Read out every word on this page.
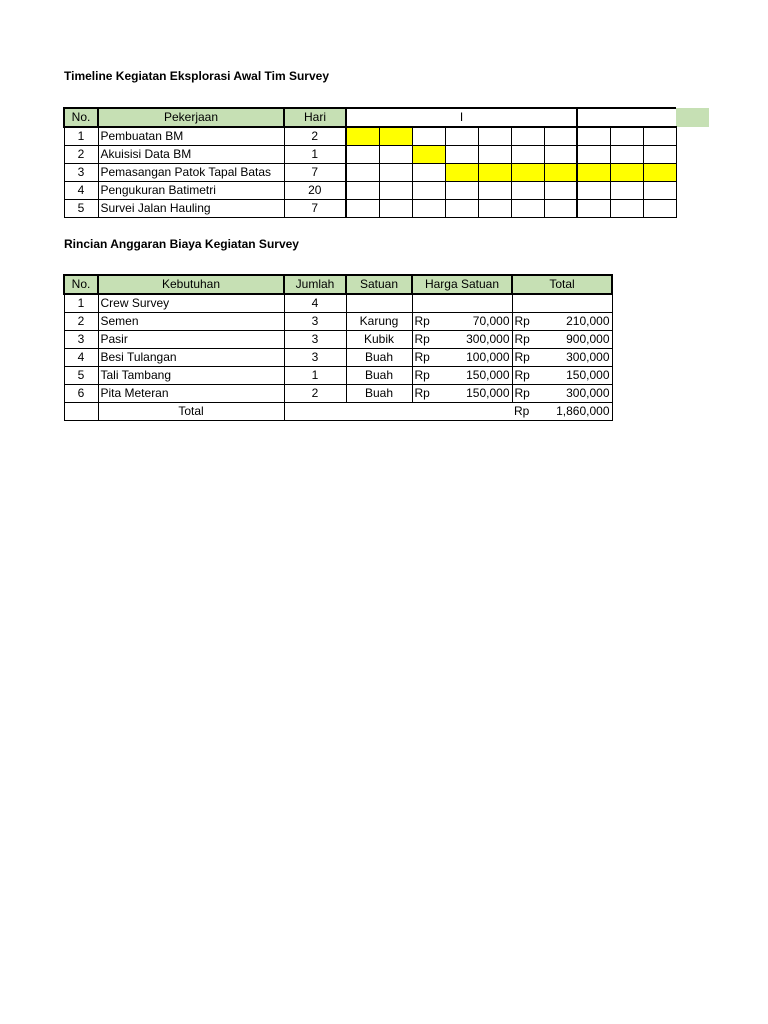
Timeline Kegiatan Eksplorasi Awal Tim Survey
No.	Pekerjaan	Hari	I										
1	Pembuatan BM	2											
2	Akuisisi Data BM	1											
3	Pemasangan Patok Tapal Batas	7											
4	Pengukuran Batimetri	20											
5	Survei Jalan Hauling	7											
Rincian Anggaran Biaya Kegiatan Survey
No.	Kebutuhan	Jumlah	Satuan	Harga Satuan	Total
1	Crew Survey	4		

2	Semen	3	Karung	Rp 70,000	Rp 210,000

3	Pasir	3	Kubik	Rp 300,000	Rp 900,000

4	Besi Tulangan	3	Buah	Rp 100,000	Rp 300,000

5	Tali Tambang	1	Buah	Rp 150,000	Rp 150,000

6	Pita Meteran	2	Buah	Rp 150,000	Rp 300,000

	Total				Rp 1,860,000
